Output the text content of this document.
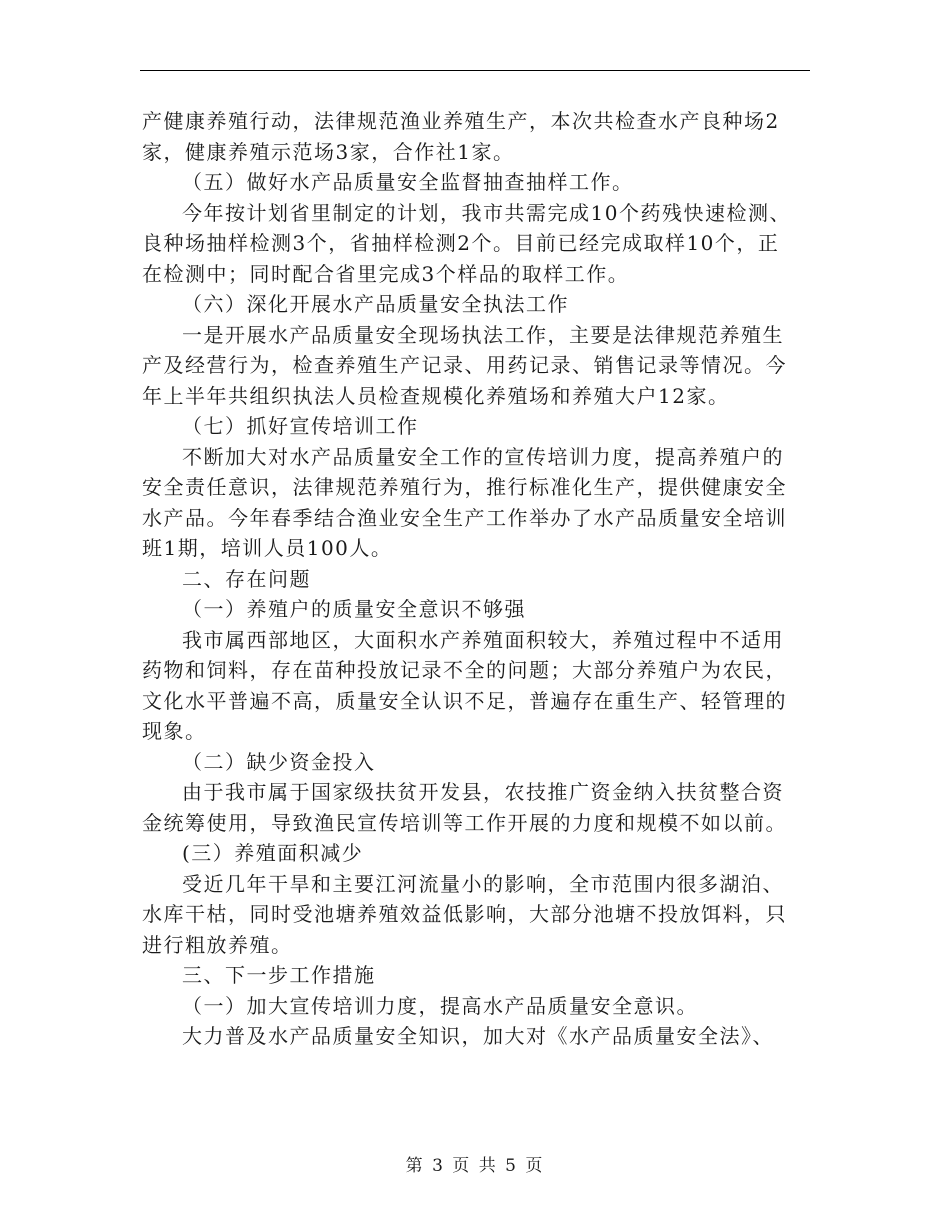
产健康养殖行动，法律规范渔业养殖生产，本次共检查水产良种场2
家，健康养殖示范场3家，合作社1家。
（五）做好水产品质量安全监督抽查抽样工作。
今年按计划省里制定的计划，我市共需完成10个药残快速检测、
良种场抽样检测3个，省抽样检测2个。目前已经完成取样10个，正
在检测中；同时配合省里完成3个样品的取样工作。
（六）深化开展水产品质量安全执法工作
一是开展水产品质量安全现场执法工作，主要是法律规范养殖生
产及经营行为，检查养殖生产记录、用药记录、销售记录等情况。今
年上半年共组织执法人员检查规模化养殖场和养殖大户12家。
（七）抓好宣传培训工作
不断加大对水产品质量安全工作的宣传培训力度，提高养殖户的
安全责任意识，法律规范养殖行为，推行标准化生产，提供健康安全
水产品。今年春季结合渔业安全生产工作举办了水产品质量安全培训
班1期，培训人员100人。
二、存在问题
（一）养殖户的质量安全意识不够强
我市属西部地区，大面积水产养殖面积较大，养殖过程中不适用
药物和饲料，存在苗种投放记录不全的问题；大部分养殖户为农民，
文化水平普遍不高，质量安全认识不足，普遍存在重生产、轻管理的
现象。
（二）缺少资金投入
由于我市属于国家级扶贫开发县，农技推广资金纳入扶贫整合资
金统筹使用，导致渔民宣传培训等工作开展的力度和规模不如以前。
(三）养殖面积减少
受近几年干旱和主要江河流量小的影响，全市范围内很多湖泊、
水库干枯，同时受池塘养殖效益低影响，大部分池塘不投放饵料，只
进行粗放养殖。
三、下一步工作措施
（一）加大宣传培训力度，提高水产品质量安全意识。
大力普及水产品质量安全知识，加大对《水产品质量安全法》、
第 3 页 共 5 页
